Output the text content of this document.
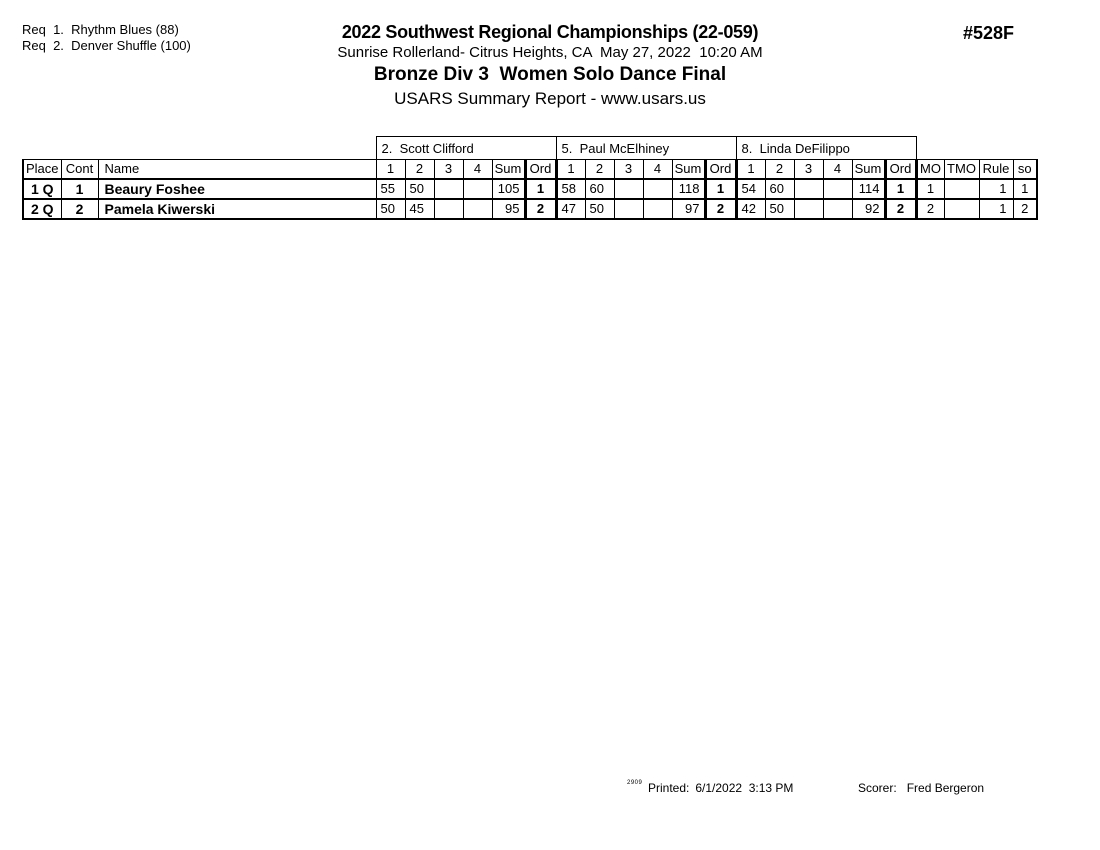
Req  1.  Rhythm Blues (88)
Req  2.  Denver Shuffle (100)
2022 Southwest Regional Championships (22-059)
Sunrise Rollerland- Citrus Heights, CA  May 27, 2022  10:20 AM
Bronze Div 3  Women Solo Dance Final
USARS Summary Report - www.usars.us
#528F
			2.  Scott Clifford						5.  Paul McElhiney						8.  Linda DeFilippo									
Place	Cont	Name	1	2	3	4	Sum	Ord	1	2	3	4	Sum	Ord	1	2	3	4	Sum	Ord	MO	TMO	Rule	so
1 Q	1	Beaury Foshee	55	50			105	1	58	60			118	1	54	60			114	1	1		1	1
2 Q	2	Pamela Kiwerski	50	45			95	2	47	50			97	2	42	50			92	2	2		1	2
2909 Printed: 6/1/2022  3:13 PM	Scorer: Fred Bergeron
